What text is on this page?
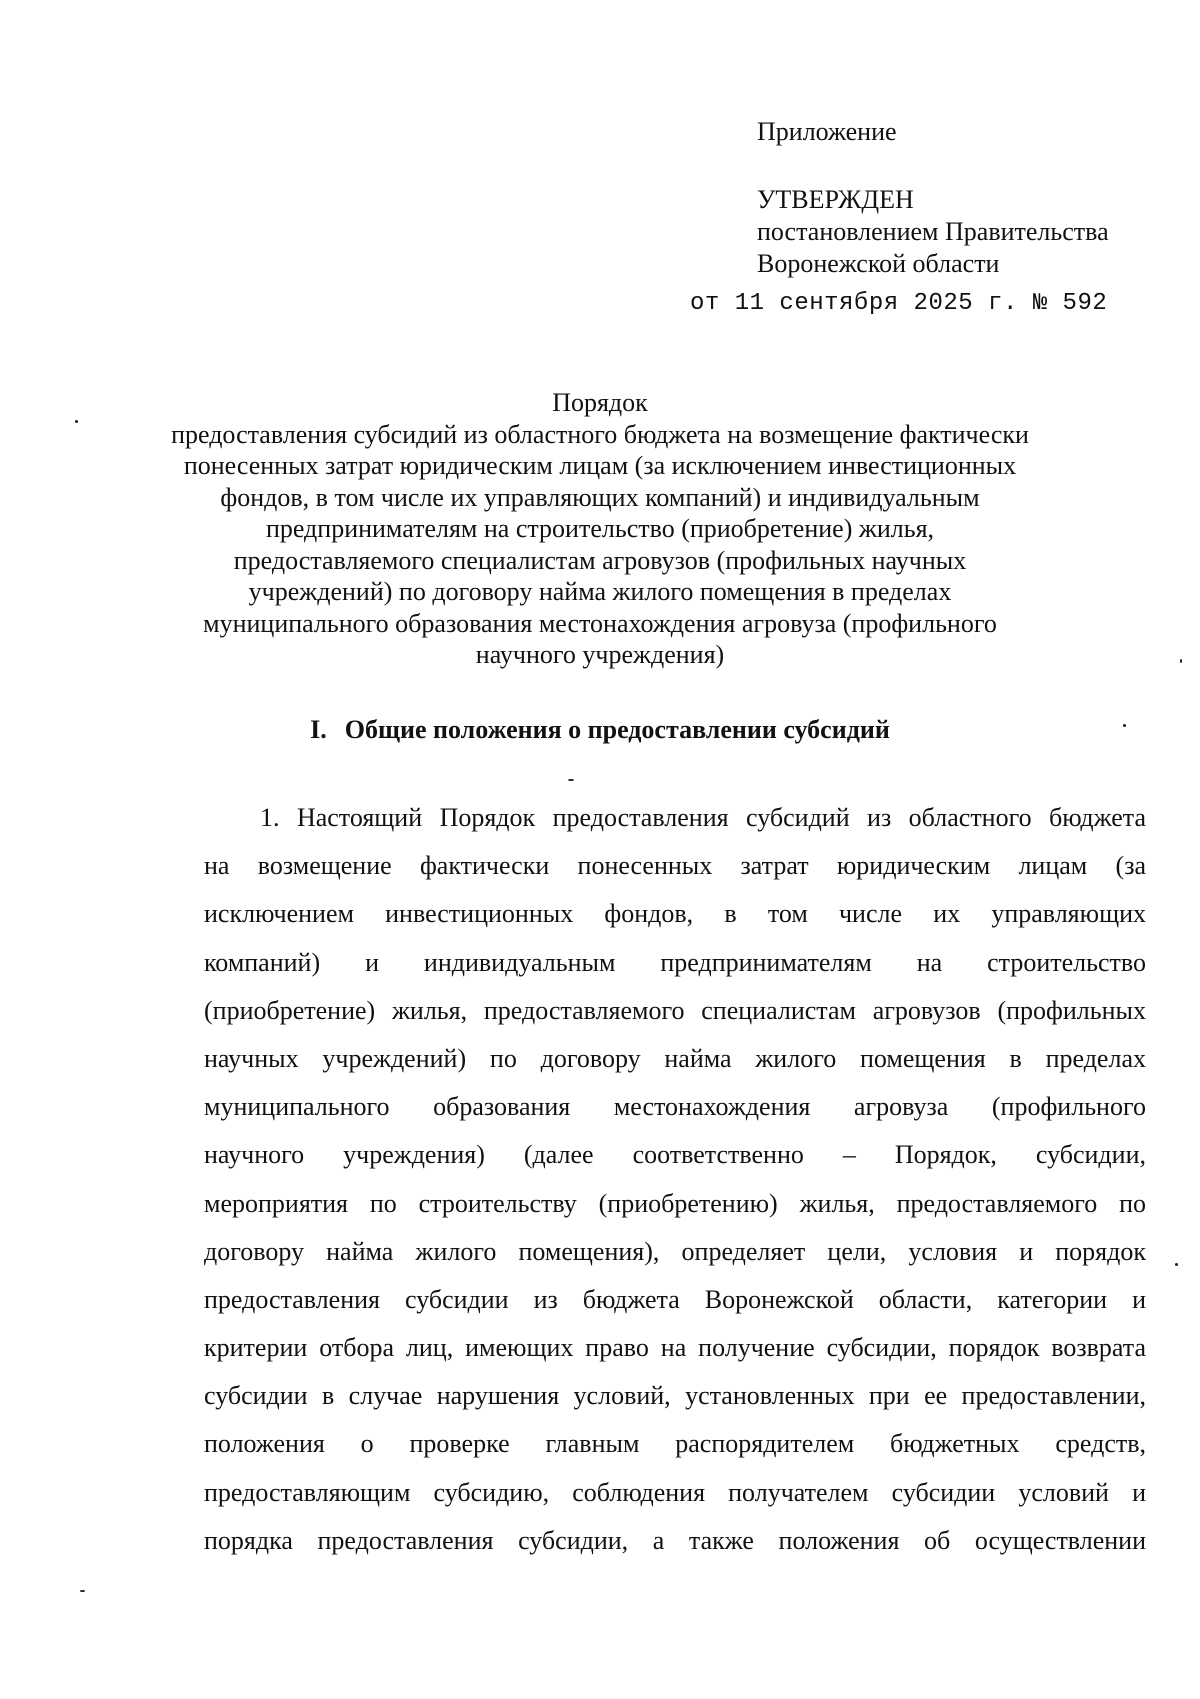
Приложение
УТВЕРЖДЕН
постановлением Правительства
Воронежской области
от 11 сентября 2025 г. № 592
Порядок
предоставления субсидий из областного бюджета на возмещение фактически
понесенных затрат юридическим лицам (за исключением инвестиционных
фондов, в том числе их управляющих компаний) и индивидуальным
предпринимателям на строительство (приобретение) жилья,
предоставляемого специалистам агровузов (профильных научных
учреждений) по договору найма жилого помещения в пределах
муниципального образования местонахождения агровуза (профильного
научного учреждения)
I. Общие положения о предоставлении субсидий
1. Настоящий Порядок предоставления субсидий из областного бюджета
на возмещение фактически понесенных затрат юридическим лицам (за
исключением инвестиционных фондов, в том числе их управляющих
компаний) и индивидуальным предпринимателям на строительство
(приобретение) жилья, предоставляемого специалистам агровузов (профильных
научных учреждений) по договору найма жилого помещения в пределах
муниципального образования местонахождения агровуза (профильного
научного учреждения) (далее соответственно – Порядок, субсидии,
мероприятия по строительству (приобретению) жилья, предоставляемого по
договору найма жилого помещения), определяет цели, условия и порядок
предоставления субсидии из бюджета Воронежской области, категории и
критерии отбора лиц, имеющих право на получение субсидии, порядок возврата
субсидии в случае нарушения условий, установленных при ее предоставлении,
положения о проверке главным распорядителем бюджетных средств,
предоставляющим субсидию, соблюдения получателем субсидии условий и
порядка предоставления субсидии, а также положения об осуществлении
